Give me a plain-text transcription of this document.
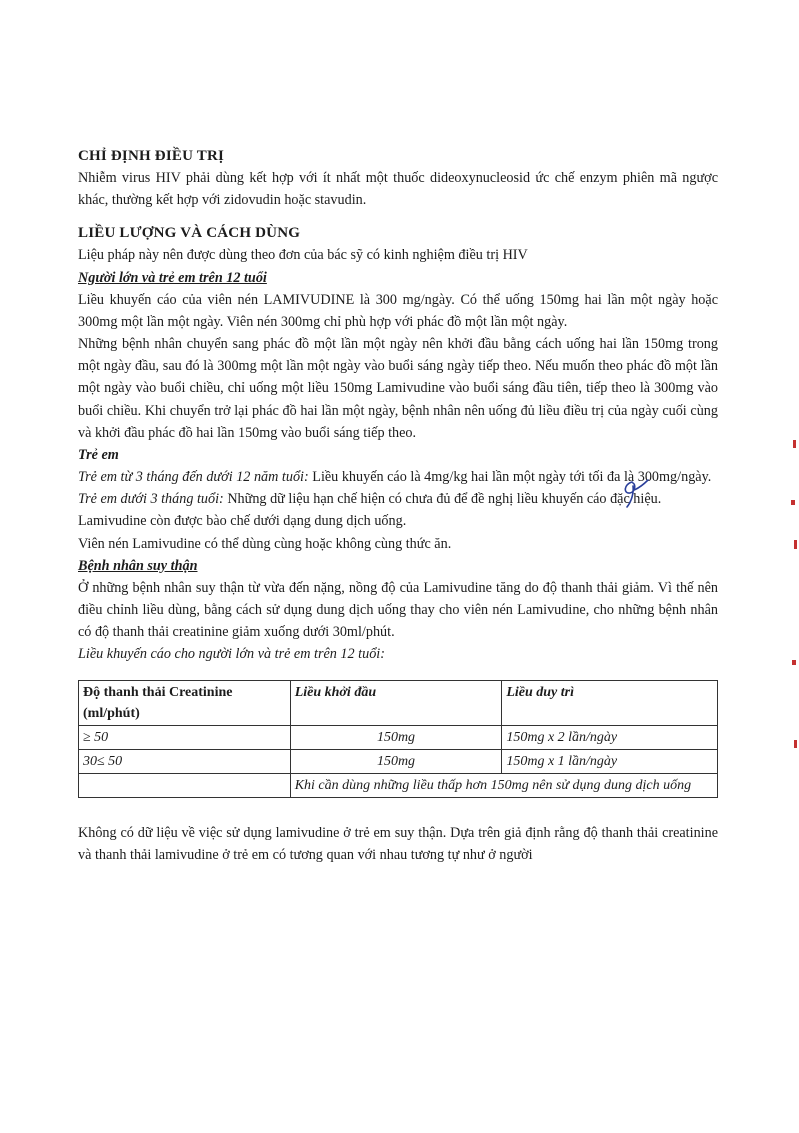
CHỈ ĐỊNH ĐIỀU TRỊ

Nhiễm virus HIV phải dùng kết hợp với ít nhất một thuốc dideoxynucleosid ức chế enzym phiên mã ngược khác, thường kết hợp với zidovudin hoặc stavudin.

LIỀU LƯỢNG VÀ CÁCH DÙNG

Liệu pháp này nên được dùng theo đơn của bác sỹ có kinh nghiệm điều trị HIV

Người lớn và trẻ em trên 12 tuổi

Liều khuyến cáo của viên nén LAMIVUDINE là 300 mg/ngày. Có thể uống 150mg hai lần một ngày hoặc 300mg một lần một ngày. Viên nén 300mg chỉ phù hợp với phác đồ một lần một ngày.

Những bệnh nhân chuyển sang phác đồ một lần một ngày nên khởi đầu bằng cách uống hai lần 150mg trong một ngày đầu, sau đó là 300mg một lần một ngày vào buổi sáng ngày tiếp theo. Nếu muốn theo phác đồ một lần một ngày vào buổi chiều, chỉ uống một liều 150mg Lamivudine vào buổi sáng đầu tiên, tiếp theo là 300mg vào buổi chiều. Khi chuyển trở lại phác đồ hai lần một ngày, bệnh nhân nên uống đủ liều điều trị của ngày cuối cùng và khởi đầu phác đồ hai lần 150mg vào buổi sáng tiếp theo.

Trẻ em

Trẻ em từ 3 tháng đến dưới 12 năm tuổi: Liều khuyến cáo là 4mg/kg hai lần một ngày tới tối đa là 300mg/ngày.

Trẻ em dưới 3 tháng tuổi: Những dữ liệu hạn chế hiện có chưa đủ để đề nghị liều khuyến cáo đặc hiệu.

Lamivudine còn được bào chế dưới dạng dung dịch uống.

Viên nén Lamivudine có thể dùng cùng hoặc không cùng thức ăn.

Bệnh nhân suy thận

Ở những bệnh nhân suy thận từ vừa đến nặng, nồng độ của Lamivudine tăng do độ thanh thải giảm. Vì thế nên điều chỉnh liều dùng, bằng cách sử dụng dung dịch uống thay cho viên nén Lamivudine, cho những bệnh nhân có độ thanh thải creatinine giảm xuống dưới 30ml/phút.

Liều khuyến cáo cho người lớn và trẻ em trên 12 tuổi:

Độ thanh thải Creatinine (ml/phút)	Liều khởi đầu	Liều duy trì
≥ 50	150mg	150mg x 2 lần/ngày
30≤ 50	150mg	150mg x 1 lần/ngày
	Khi cần dùng những liều thấp hơn 150mg nên sử dụng dung dịch uống	

Không có dữ liệu về việc sử dụng lamivudine ở trẻ em suy thận. Dựa trên giả định rằng độ thanh thải creatinine và thanh thải lamivudine ở trẻ em có tương quan với nhau tương tự như ở người
